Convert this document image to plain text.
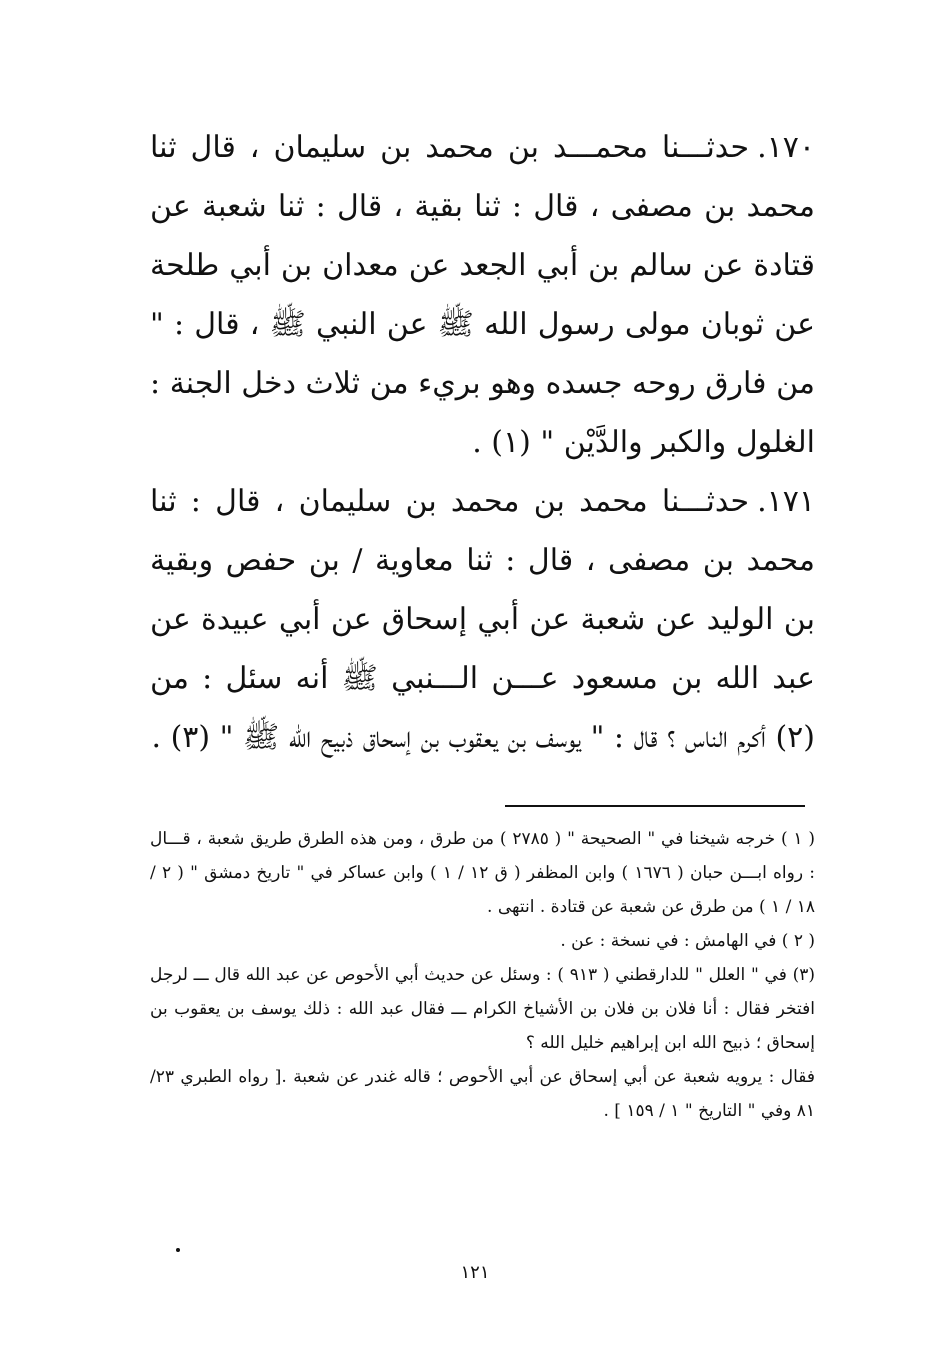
١٧٠.حدثـــنا محمـــد بن محمد بن سليمان ، قال ثنا محمد بن مصفى ، قال : ثنا بقية ، قال : ثنا شعبة عن قتادة عن سالم بن أبي الجعد عن معدان بن أبي طلحة عن ثوبان مولى رسول الله ﷺ عن النبي ﷺ ، قال : " من فارق روحه جسده وهو بريء من ثلاث دخل الجنة : الغلول والكبر والدَّيْن " (١) .

١٧١.حدثـــنا محمد بن محمد بن سليمان ، قال : ثنا محمد بن مصفى ، قال : ثنا معاوية / بن حفص وبقية بن الوليد عن شعبة عن أبي إسحاق عن أبي عبيدة عن عبد الله بن مسعود عـــن الـــنبي ﷺ أنه سئل : من (٢) أكرم الناس ؟ قال : " يوسف بن يعقوب بن إسحاق ذبيح الله ﷺ " (٣) .

( ١ ) خرجه شيخنا في " الصحيحة " ( ٢٧٨٥ ) من طرق ، ومن هذه الطرق طريق شعبة ، قـــال : رواه ابـــن حبان ( ١٦٧٦ ) وابن المظفر ( ق ١٢ / ١ ) وابن عساكر في " تاريخ دمشق " ( ٢ / ١٨ / ١ ) من طرق عن شعبة عن قتادة . انتهى .

( ٢ ) في الهامش : في نسخة : عن .

(٣) في " العلل " للدارقطني ( ٩١٣ ) : وسئل عن حديث أبي الأحوص عن عبد الله قال ـــ لرجل افتخر فقال : أنا فلان بن فلان بن الأشياخ الكرام ـــ فقال عبد الله : ذلك يوسف بن يعقوب بن إسحاق ؛ ذبيح الله ابن إبراهيم خليل الله ؟

فقال : يرويه شعبة عن أبي إسحاق عن أبي الأحوص ؛ قاله غندر عن شعبة .[ رواه الطبري ٢٣/ ٨١ وفي " التاريخ " ١ / ١٥٩ ] .

١٢١
